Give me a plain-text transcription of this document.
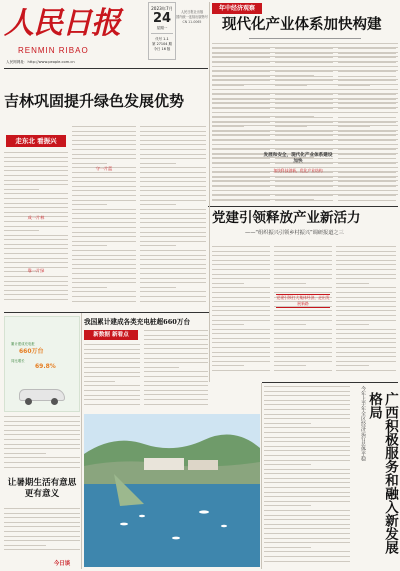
人民日报
RENMIN RIBAO
人民网网址：http://www.people.com.cn
2023年7月
24
星期一
代号 1-1
第 27104 期
今日 16 版
人民日报社出版
国内统一连续出版物号
CN 11-0065
年中经济观察
现代化产业体系加快构建
吉林巩固提升绿色发展优势
走东北 看振兴
成一片林
靠一片绿
守一片蓝
发展和安全，现代化产业体系建设加快
加快科技创新，优化产业结构
党建引领释放产业新活力
——“组织振兴引领乡村振兴”调研报道之三
党建引领打大集体经济，走出发展新路
累计建成充电桩
660万台
同比增长
69.8%
我国累计建成各类充电桩超660万台
新数据 新看点
让暑期生活有意思更有意义
今日谈
今年上半年全区经济运行总体平稳	广西积极服务和融入新发展格局
